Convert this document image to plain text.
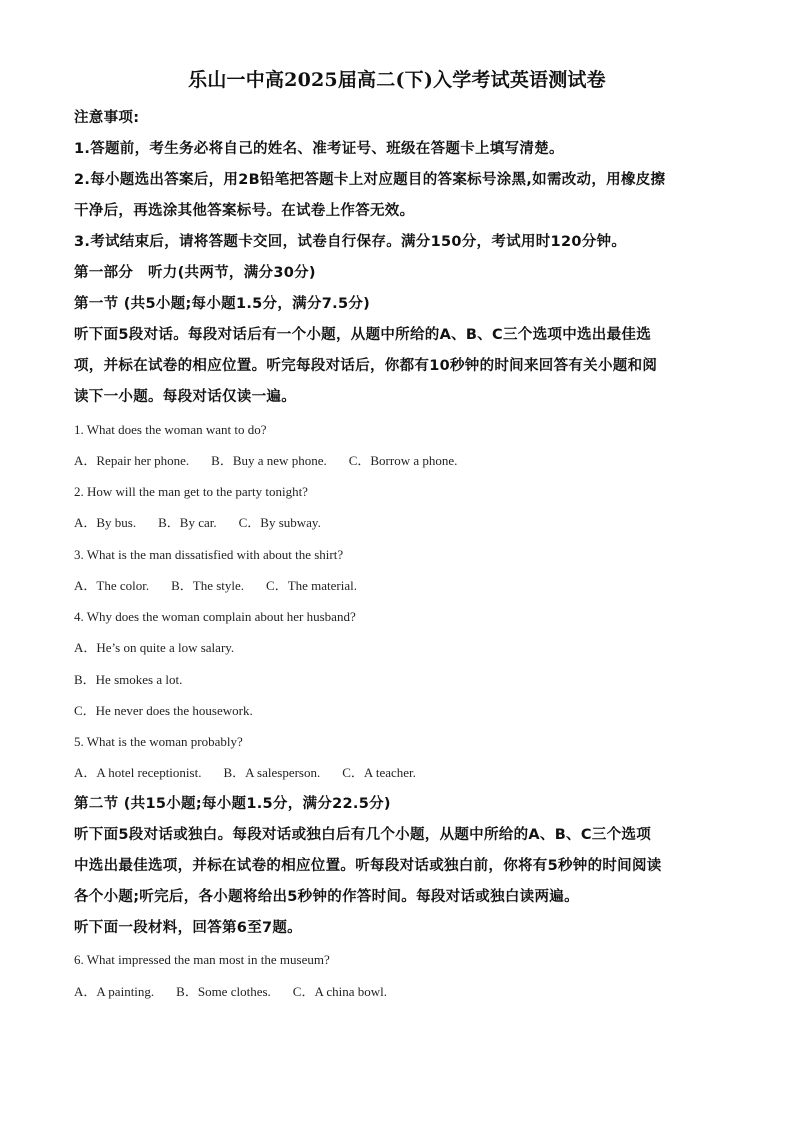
乐山一中高2025届高二(下)入学考试英语测试卷
注意事项:
1.答题前，考生务必将自己的姓名、准考证号、班级在答题卡上填写清楚。
2.每小题选出答案后，用2B铅笔把答题卡上对应题目的答案标号涂黑,如需改动，用橡皮擦
干净后，再选涂其他答案标号。在试卷上作答无效。
3.考试结束后，请将答题卡交回，试卷自行保存。满分150分，考试用时120分钟。
第一部分　听力(共两节，满分30分)
第一节 (共5小题;每小题1.5分，满分7.5分)
听下面5段对话。每段对话后有一个小题，从题中所给的A、B、C三个选项中选出最佳选
项，并标在试卷的相应位置。听完每段对话后，你都有10秒钟的时间来回答有关小题和阅
读下一小题。每段对话仅读一遍。
1. What does the woman want to do?
A．Repair her phone. B．Buy a new phone. C．Borrow a phone.
2. How will the man get to the party tonight?
A．By bus. B．By car. C．By subway.
3. What is the man dissatisfied with about the shirt?
A．The color. B．The style. C．The material.
4. Why does the woman complain about her husband?
A．He’s on quite a low salary.
B．He smokes a lot.
C．He never does the housework.
5. What is the woman probably?
A．A hotel receptionist. B．A salesperson. C．A teacher.
第二节 (共15小题;每小题1.5分，满分22.5分)
听下面5段对话或独白。每段对话或独白后有几个小题，从题中所给的A、B、C三个选项
中选出最佳选项，并标在试卷的相应位置。听每段对话或独白前，你将有5秒钟的时间阅读
各个小题;听完后，各小题将给出5秒钟的作答时间。每段对话或独白读两遍。
听下面一段材料，回答第6至7题。
6. What impressed the man most in the museum?
A．A painting. B．Some clothes. C．A china bowl.
